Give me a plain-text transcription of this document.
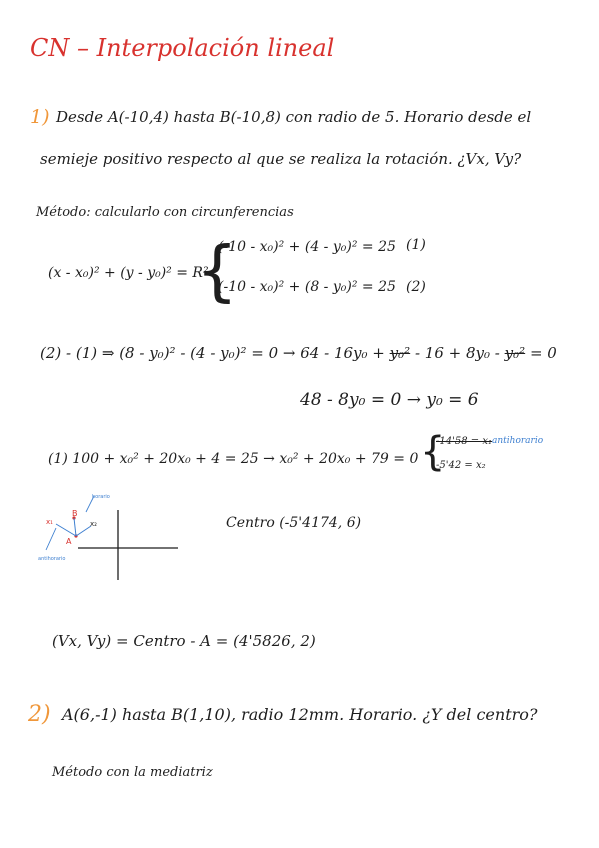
CN – Interpolación lineal
1) Desde A(-10,4) hasta B(-10,8) con radio de 5. Horario desde el
semieje positivo respecto al que se realiza la rotación. ¿Vx, Vy?
Método: calcularlo con circunferencias
(x - x₀)² + (y - y₀)² = R²
{
(-10 - x₀)² + (4 - y₀)² = 25 (1)
(-10 - x₀)² + (8 - y₀)² = 25 (2)
(2) - (1) ⇒ (8 - y₀)² - (4 - y₀)² = 0 → 64 - 16y₀ + y₀² - 16 + 8y₀ - y₀² = 0
48 - 8y₀ = 0 → y₀ = 6
(1) 100 + x₀² + 20x₀ + 4 = 25 → x₀² + 20x₀ + 79 = 0 {
-14'58 = x₁ antihorario
-5'42 = x₂
B
A
x₁	x₂
horario
antihorario
Centro (-5'4174, 6)
(Vx, Vy) = Centro - A = (4'5826, 2)
2) A(6,-1) hasta B(1,10), radio 12mm. Horario. ¿Y del centro?
Método con la mediatriz
